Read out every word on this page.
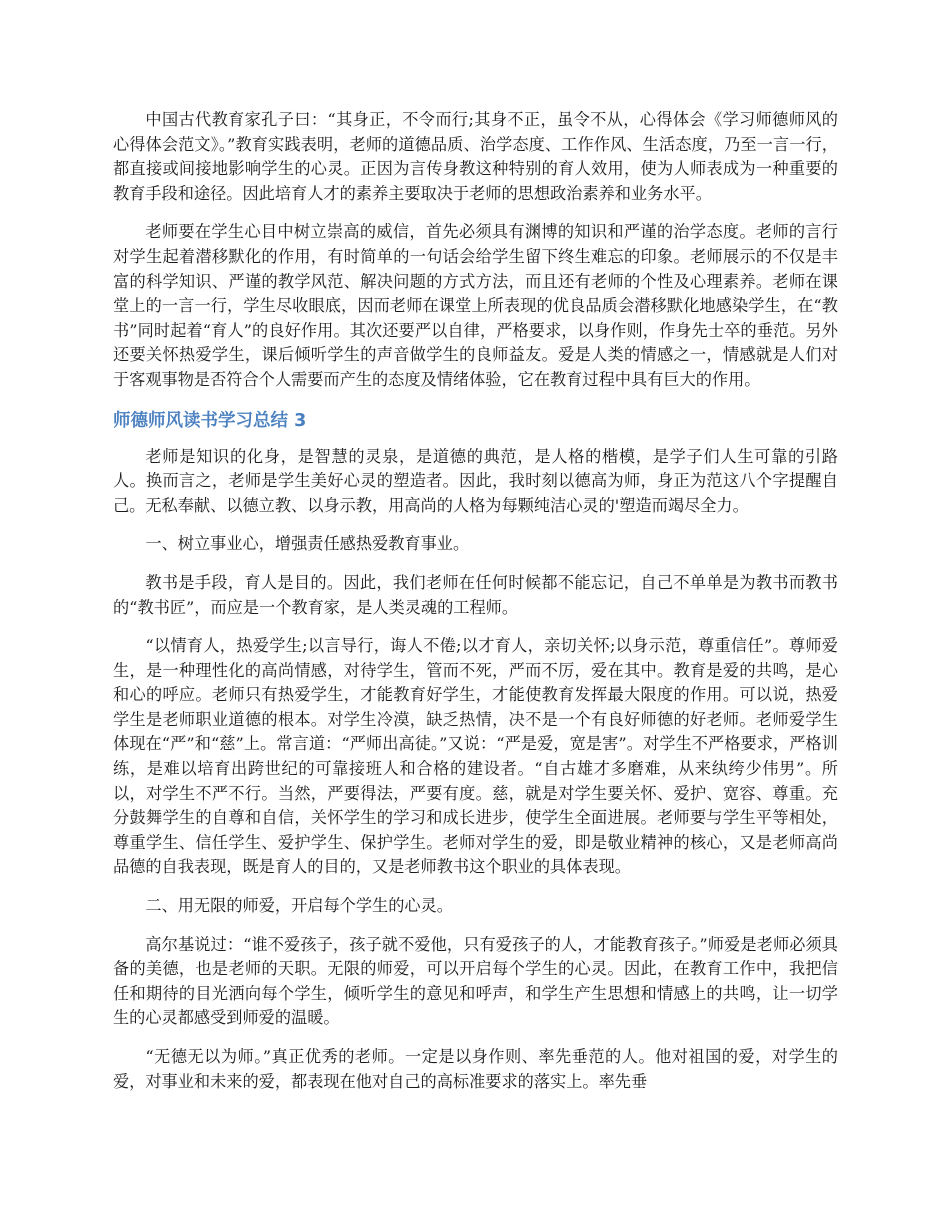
中国古代教育家孔子曰：“其身正，不令而行;其身不正，虽令不从，心得体会《学习师德师风的心得体会范文》。”教育实践表明，老师的道德品质、治学态度、工作作风、生活态度，乃至一言一行，都直接或间接地影响学生的心灵。正因为言传身教这种特别的育人效用，使为人师表成为一种重要的教育手段和途径。因此培育人才的素养主要取决于老师的思想政治素养和业务水平。

老师要在学生心目中树立崇高的威信，首先必须具有渊博的知识和严谨的治学态度。老师的言行对学生起着潜移默化的作用，有时简单的一句话会给学生留下终生难忘的印象。老师展示的不仅是丰富的科学知识、严谨的教学风范、解决问题的方式方法，而且还有老师的个性及心理素养。老师在课堂上的一言一行，学生尽收眼底，因而老师在课堂上所表现的优良品质会潜移默化地感染学生，在“教书”同时起着“育人”的良好作用。其次还要严以自律，严格要求，以身作则，作身先士卒的垂范。另外还要关怀热爱学生，课后倾听学生的声音做学生的良师益友。爱是人类的情感之一，情感就是人们对于客观事物是否符合个人需要而产生的态度及情绪体验，它在教育过程中具有巨大的作用。

师德师风读书学习总结 3

老师是知识的化身，是智慧的灵泉，是道德的典范，是人格的楷模，是学子们人生可靠的引路人。换而言之，老师是学生美好心灵的塑造者。因此，我时刻以德高为师，身正为范这八个字提醒自己。无私奉献、以德立教、以身示教，用高尚的人格为每颗纯洁心灵的'塑造而竭尽全力。

一、树立事业心，增强责任感热爱教育事业。

教书是手段，育人是目的。因此，我们老师在任何时候都不能忘记，自己不单单是为教书而教书的“教书匠”，而应是一个教育家，是人类灵魂的工程师。

“以情育人，热爱学生;以言导行，诲人不倦;以才育人，亲切关怀;以身示范，尊重信任”。尊师爱生，是一种理性化的高尚情感，对待学生，管而不死，严而不厉，爱在其中。教育是爱的共鸣，是心和心的呼应。老师只有热爱学生，才能教育好学生，才能使教育发挥最大限度的作用。可以说，热爱学生是老师职业道德的根本。对学生冷漠，缺乏热情，决不是一个有良好师德的好老师。老师爱学生体现在“严”和“慈”上。常言道：“严师出高徒。”又说：“严是爱，宽是害”。对学生不严格要求，严格训练，是难以培育出跨世纪的可靠接班人和合格的建设者。“自古雄才多磨难，从来纨绔少伟男”。所以，对学生不严不行。当然，严要得法，严要有度。慈，就是对学生要关怀、爱护、宽容、尊重。充分鼓舞学生的自尊和自信，关怀学生的学习和成长进步，使学生全面进展。老师要与学生平等相处，尊重学生、信任学生、爱护学生、保护学生。老师对学生的爱，即是敬业精神的核心，又是老师高尚品德的自我表现，既是育人的目的，又是老师教书这个职业的具体表现。

二、用无限的师爱，开启每个学生的心灵。

高尔基说过：“谁不爱孩子，孩子就不爱他，只有爱孩子的人，才能教育孩子。”师爱是老师必须具备的美德，也是老师的天职。无限的师爱，可以开启每个学生的心灵。因此，在教育工作中，我把信任和期待的目光洒向每个学生，倾听学生的意见和呼声，和学生产生思想和情感上的共鸣，让一切学生的心灵都感受到师爱的温暖。

“无德无以为师。”真正优秀的老师。一定是以身作则、率先垂范的人。他对祖国的爱，对学生的爱，对事业和未来的爱，都表现在他对自己的高标准要求的落实上。率先垂
